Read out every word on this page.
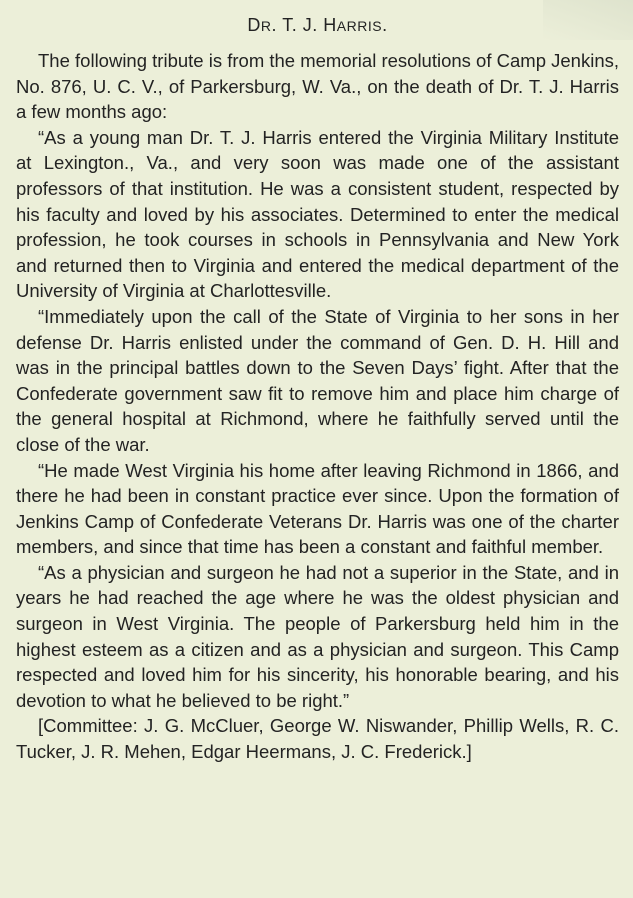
DR. T. J. HARRIS.

The following tribute is from the memorial resolutions of Camp Jenkins, No. 876, U. C. V., of Parkersburg, W. Va., on the death of Dr. T. J. Harris a few months ago:

“As a young man Dr. T. J. Harris entered the Virginia Military Institute at Lexington., Va., and very soon was made one of the assistant professors of that institution. He was a consistent student, respected by his faculty and loved by his associates. Determined to enter the medical profession, he took courses in schools in Pennsylvania and New York and returned then to Virginia and entered the medical department of the University of Virginia at Charlottesville.

“Immediately upon the call of the State of Virginia to her sons in her defense Dr. Harris enlisted under the command of Gen. D. H. Hill and was in the principal battles down to the Seven Days’ fight. After that the Confederate government saw fit to remove him and place him charge of the general hospital at Richmond, where he faithfully served until the close of the war.

“He made West Virginia his home after leaving Richmond in 1866, and there he had been in constant practice ever since. Upon the formation of Jenkins Camp of Confederate Veterans Dr. Harris was one of the charter members, and since that time has been a constant and faithful member.

“As a physician and surgeon he had not a superior in the State, and in years he had reached the age where he was the oldest physician and surgeon in West Virginia. The people of Parkersburg held him in the highest esteem as a citizen and as a physician and surgeon. This Camp respected and loved him for his sincerity, his honorable bearing, and his devotion to what he believed to be right.”

[Committee: J. G. McCluer, George W. Niswander, Phillip Wells, R. C. Tucker, J. R. Mehen, Edgar Heermans, J. C. Frederick.]
